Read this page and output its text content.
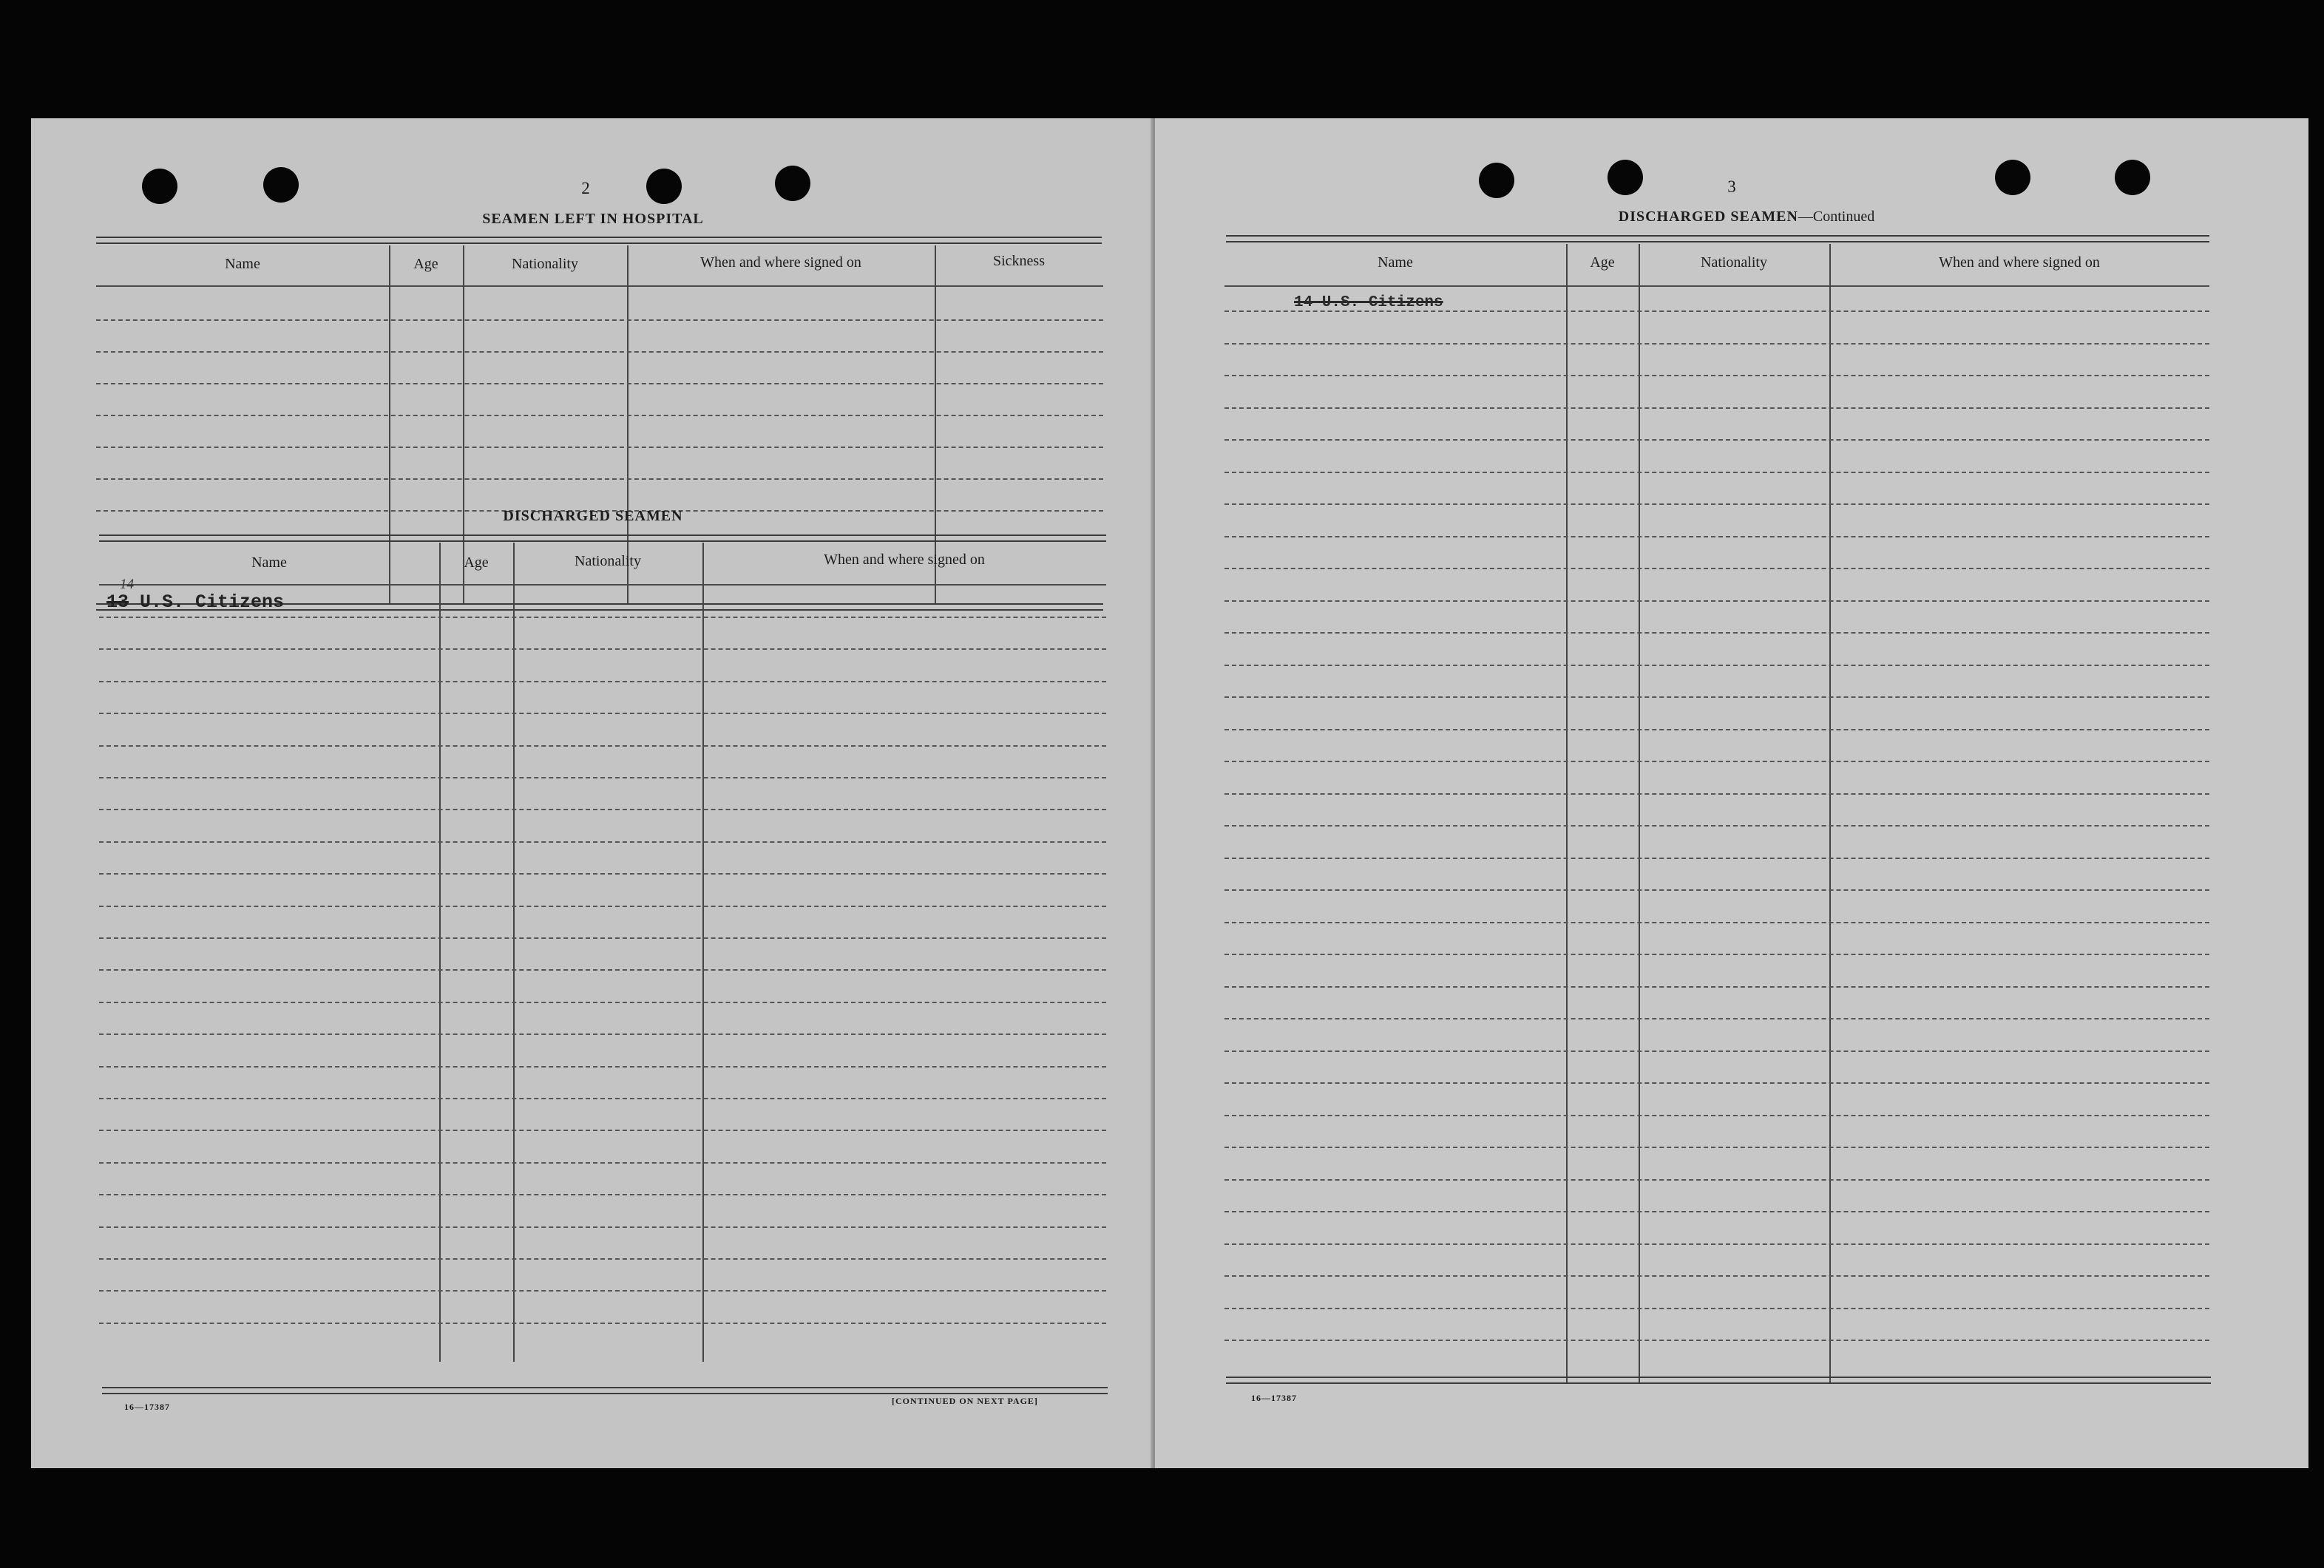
2
SEAMEN LEFT IN HOSPITAL
Name	Age	Nationality	When and where signed on	Sickness
DISCHARGED SEAMEN
Name	Age	Nationality	When and where signed on
14
13 U.S. Citizens
16—17387
[CONTINUED ON NEXT PAGE]
3
DISCHARGED SEAMEN—Continued
Name	Age	Nationality	When and where signed on
14 U.S. Citizens
16—17387
